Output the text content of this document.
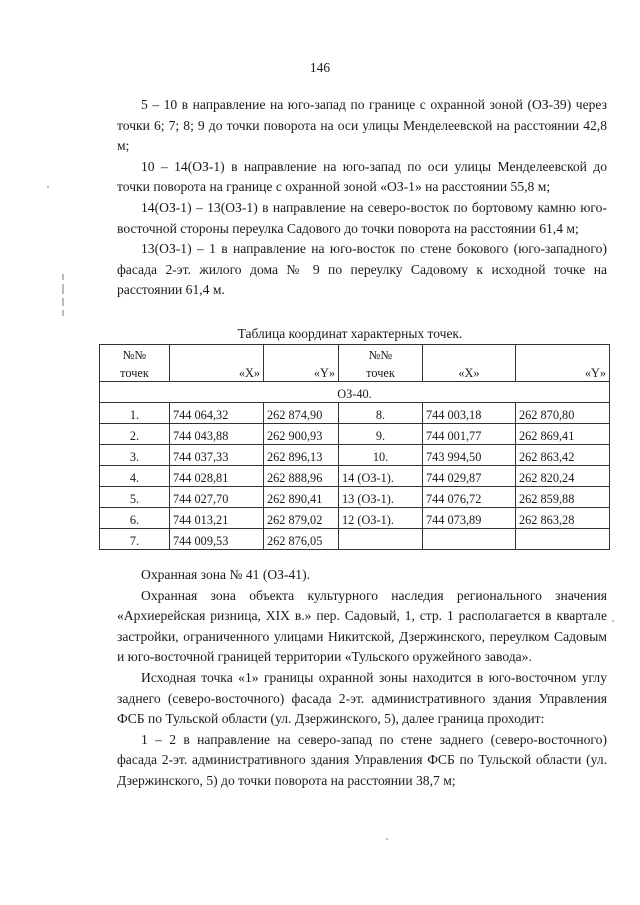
146

5 – 10 в направление на юго-запад по границе с охранной зоной (ОЗ-39) через точки 6; 7; 8; 9 до точки поворота на оси улицы Менделеевской на расстоянии 42,8 м;

10 – 14(ОЗ-1) в направление на юго-запад по оси улицы Менделеевской до точки поворота на границе с охранной зоной «ОЗ-1» на расстоянии 55,8 м;

14(ОЗ-1) – 13(ОЗ-1) в направление на северо-восток по бортовому камню юго-восточной стороны переулка Садового до точки поворота на расстоянии 61,4 м;

13(ОЗ-1) – 1 в направление на юго-восток по стене бокового (юго-западного) фасада 2-эт. жилого дома № 9 по переулку Садовому к исходной точке на расстоянии 61,4 м.

Таблица координат характерных точек.
№№			№№		
точек	«X»	«Y»	точек	«X»	«Y»
ОЗ-40.					
1.	744 064,32	262 874,90	8.	744 003,18	262 870,80
2.	744 043,88	262 900,93	9.	744 001,77	262 869,41
3.	744 037,33	262 896,13	10.	743 994,50	262 863,42
4.	744 028,81	262 888,96	14 (ОЗ-1).	744 029,87	262 820,24
5.	744 027,70	262 890,41	13 (ОЗ-1).	744 076,72	262 859,88
6.	744 013,21	262 879,02	12 (ОЗ-1).	744 073,89	262 863,28
7.	744 009,53	262 876,05			

Охранная зона № 41 (ОЗ-41).

Охранная зона объекта культурного наследия регионального значения «Архиерейская ризница, XIX в.» пер. Садовый, 1, стр. 1 располагается в квартале застройки, ограниченного улицами Никитской, Дзержинского, переулком Садовым и юго-восточной границей территории «Тульского оружейного завода».

Исходная точка «1» границы охранной зоны находится в юго-восточном углу заднего (северо-восточного) фасада 2-эт. административного здания Управления ФСБ по Тульской области (ул. Дзержинского, 5), далее граница проходит:

1 – 2 в направление на северо-запад по стене заднего (северо-восточного) фасада 2-эт. административного здания Управления ФСБ по Тульской области (ул. Дзержинского, 5) до точки поворота на расстоянии 38,7 м;
